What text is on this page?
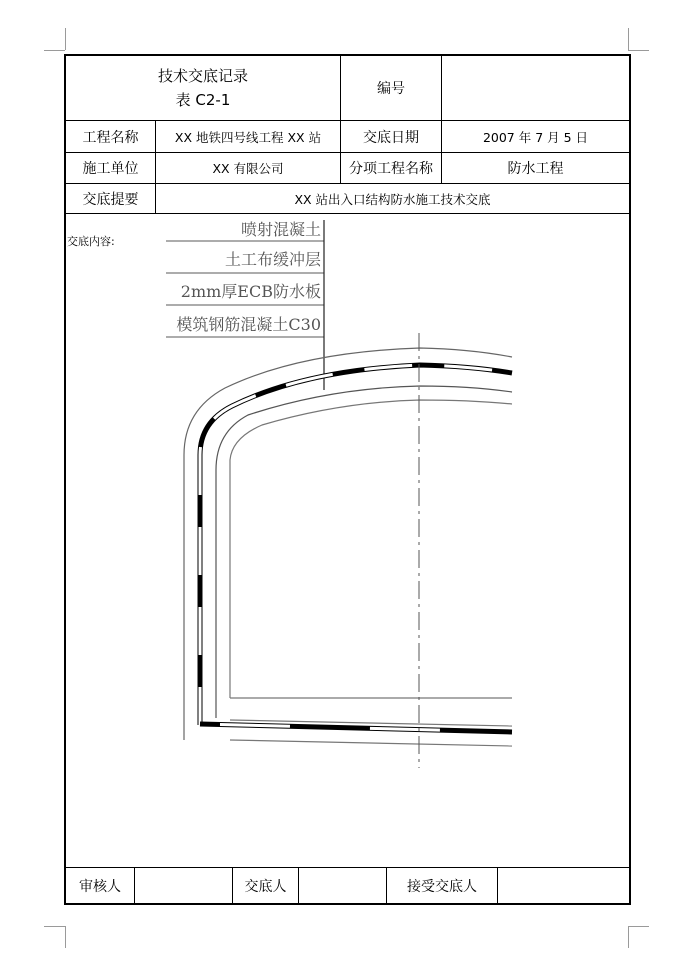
技术交底记录
表 C2-1
编号
工程名称	XX 地铁四号线工程 XX 站	交底日期	2007 年 7 月 5 日
施工单位	XX 有限公司	分项工程名称	防水工程
交底提要	XX 站出入口结构防水施工技术交底
交底内容:
喷射混凝土
土工布缓冲层
2mm厚ECB防水板
模筑钢筋混凝土C30
审核人	交底人	接受交底人
